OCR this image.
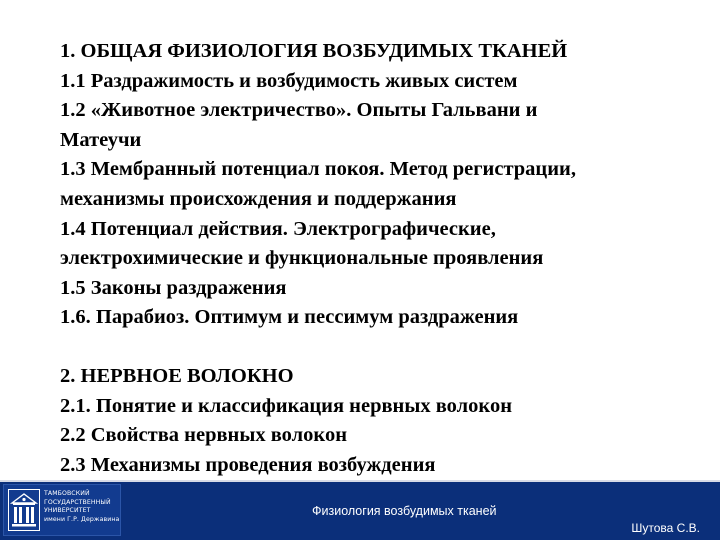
1. ОБЩАЯ ФИЗИОЛОГИЯ ВОЗБУДИМЫХ ТКАНЕЙ
1.1 Раздражимость и возбудимость живых систем
1.2 «Животное электричество». Опыты Гальвани и
Матеучи
1.3 Мембранный потенциал покоя. Метод регистрации,
механизмы происхождения и поддержания
1.4 Потенциал действия. Электрографические,
электрохимические и функциональные проявления
1.5 Законы раздражения
1.6. Парабиоз. Оптимум и пессимум раздражения
2. НЕРВНОЕ ВОЛОКНО
2.1. Понятие и классификация нервных волокон
2.2 Свойства нервных волокон
2.3 Механизмы проведения возбуждения
ТАМБОВСКИЙ
ГОСУДАРСТВЕННЫЙ
УНИВЕРСИТЕТ
имени Г.Р. Державина
Физиология возбудимых тканей
Шутова С.В.
